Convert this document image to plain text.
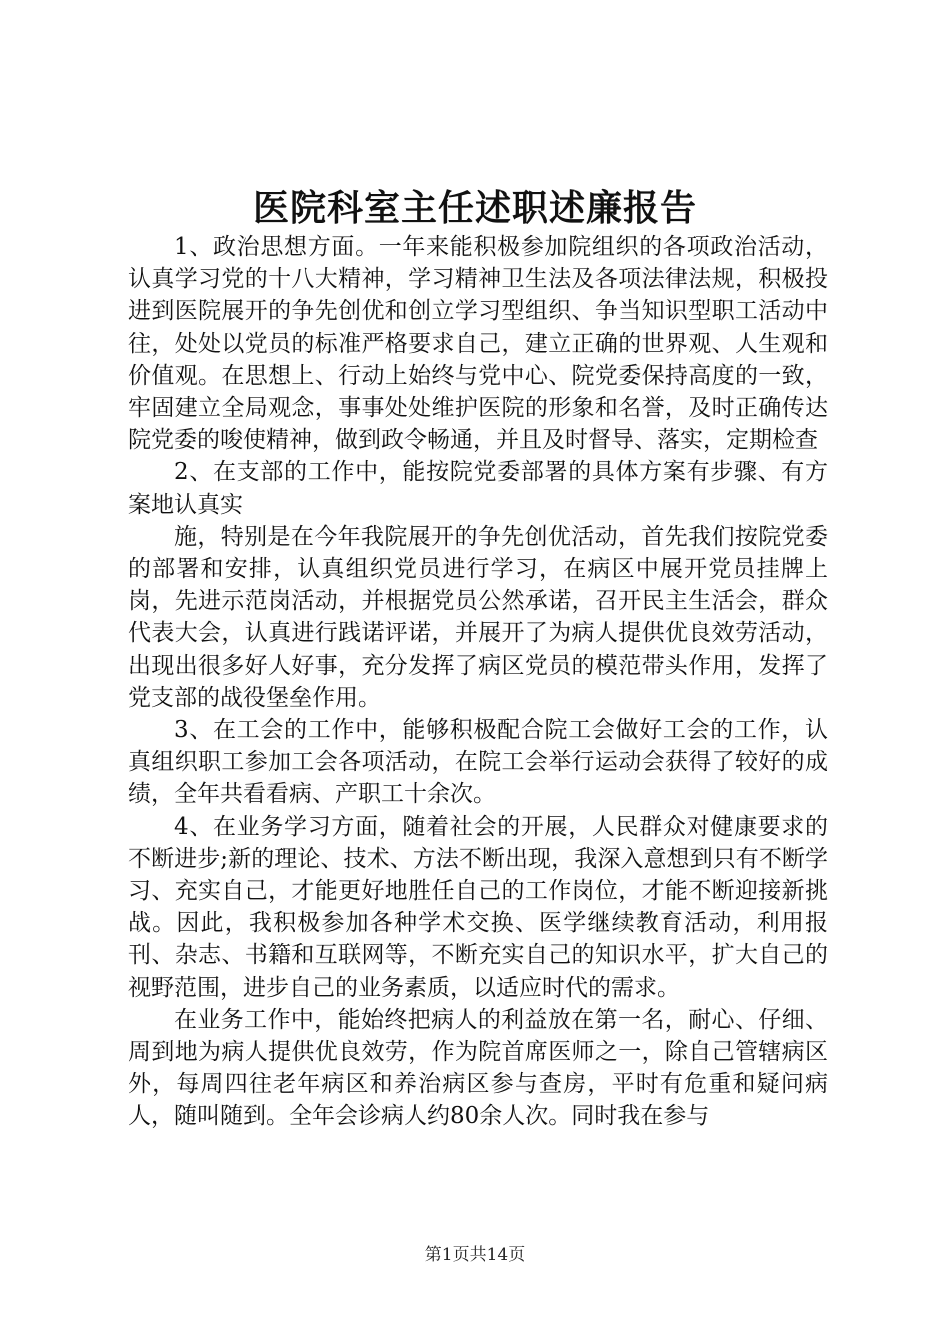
医院科室主任述职述廉报告

1、政治思想方面。一年来能积极参加院组织的各项政治活动，认真学习党的十八大精神，学习精神卫生法及各项法律法规，积极投进到医院展开的争先创优和创立学习型组织、争当知识型职工活动中往，处处以党员的标准严格要求自己，建立正确的世界观、人生观和价值观。在思想上、行动上始终与党中心、院党委保持高度的一致，牢固建立全局观念，事事处处维护医院的形象和名誉，及时正确传达院党委的唆使精神，做到政令畅通，并且及时督导、落实，定期检查

2、在支部的工作中，能按院党委部署的具体方案有步骤、有方案地认真实

施，特别是在今年我院展开的争先创优活动，首先我们按院党委的部署和安排，认真组织党员进行学习，在病区中展开党员挂牌上岗，先进示范岗活动，并根据党员公然承诺，召开民主生活会，群众代表大会，认真进行践诺评诺，并展开了为病人提供优良效劳活动，出现出很多好人好事，充分发挥了病区党员的模范带头作用，发挥了党支部的战役堡垒作用。

3、在工会的工作中，能够积极配合院工会做好工会的工作，认真组织职工参加工会各项活动，在院工会举行运动会获得了较好的成绩，全年共看看病、产职工十余次。

4、在业务学习方面，随着社会的开展，人民群众对健康要求的不断进步;新的理论、技术、方法不断出现，我深入意想到只有不断学习、充实自己，才能更好地胜任自己的工作岗位，才能不断迎接新挑战。因此，我积极参加各种学术交换、医学继续教育活动，利用报刊、杂志、书籍和互联网等，不断充实自己的知识水平，扩大自己的视野范围，进步自己的业务素质，以适应时代的需求。

在业务工作中，能始终把病人的利益放在第一名，耐心、仔细、周到地为病人提供优良效劳，作为院首席医师之一，除自己管辖病区外，每周四往老年病区和养治病区参与查房，平时有危重和疑问病人，随叫随到。全年会诊病人约80余人次。同时我在参与

第1页共14页
